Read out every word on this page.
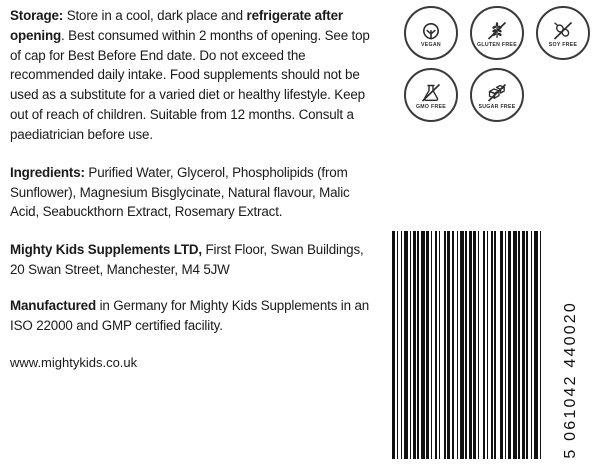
Storage: Store in a cool, dark place and refrigerate after opening. Best consumed within 2 months of opening. See top of cap for Best Before End date. Do not exceed the recommended daily intake. Food supplements should not be used as a substitute for a varied diet or healthy lifestyle. Keep out of reach of children. Suitable from 12 months. Consult a paediatrician before use.

Ingredients: Purified Water, Glycerol, Phospholipids (from Sunflower), Magnesium Bisglycinate, Natural flavour, Malic Acid, Seabuckthorn Extract, Rosemary Extract.

Mighty Kids Supplements LTD, First Floor, Swan Buildings, 20 Swan Street, Manchester, M4 5JW

Manufactured in Germany for Mighty Kids Supplements in an ISO 22000 and GMP certified facility.

www.mightykids.co.uk

VEGAN	GLUTEN FREE	SOY FREE
GMO FREE	SUGAR FREE
5 061042 440020
